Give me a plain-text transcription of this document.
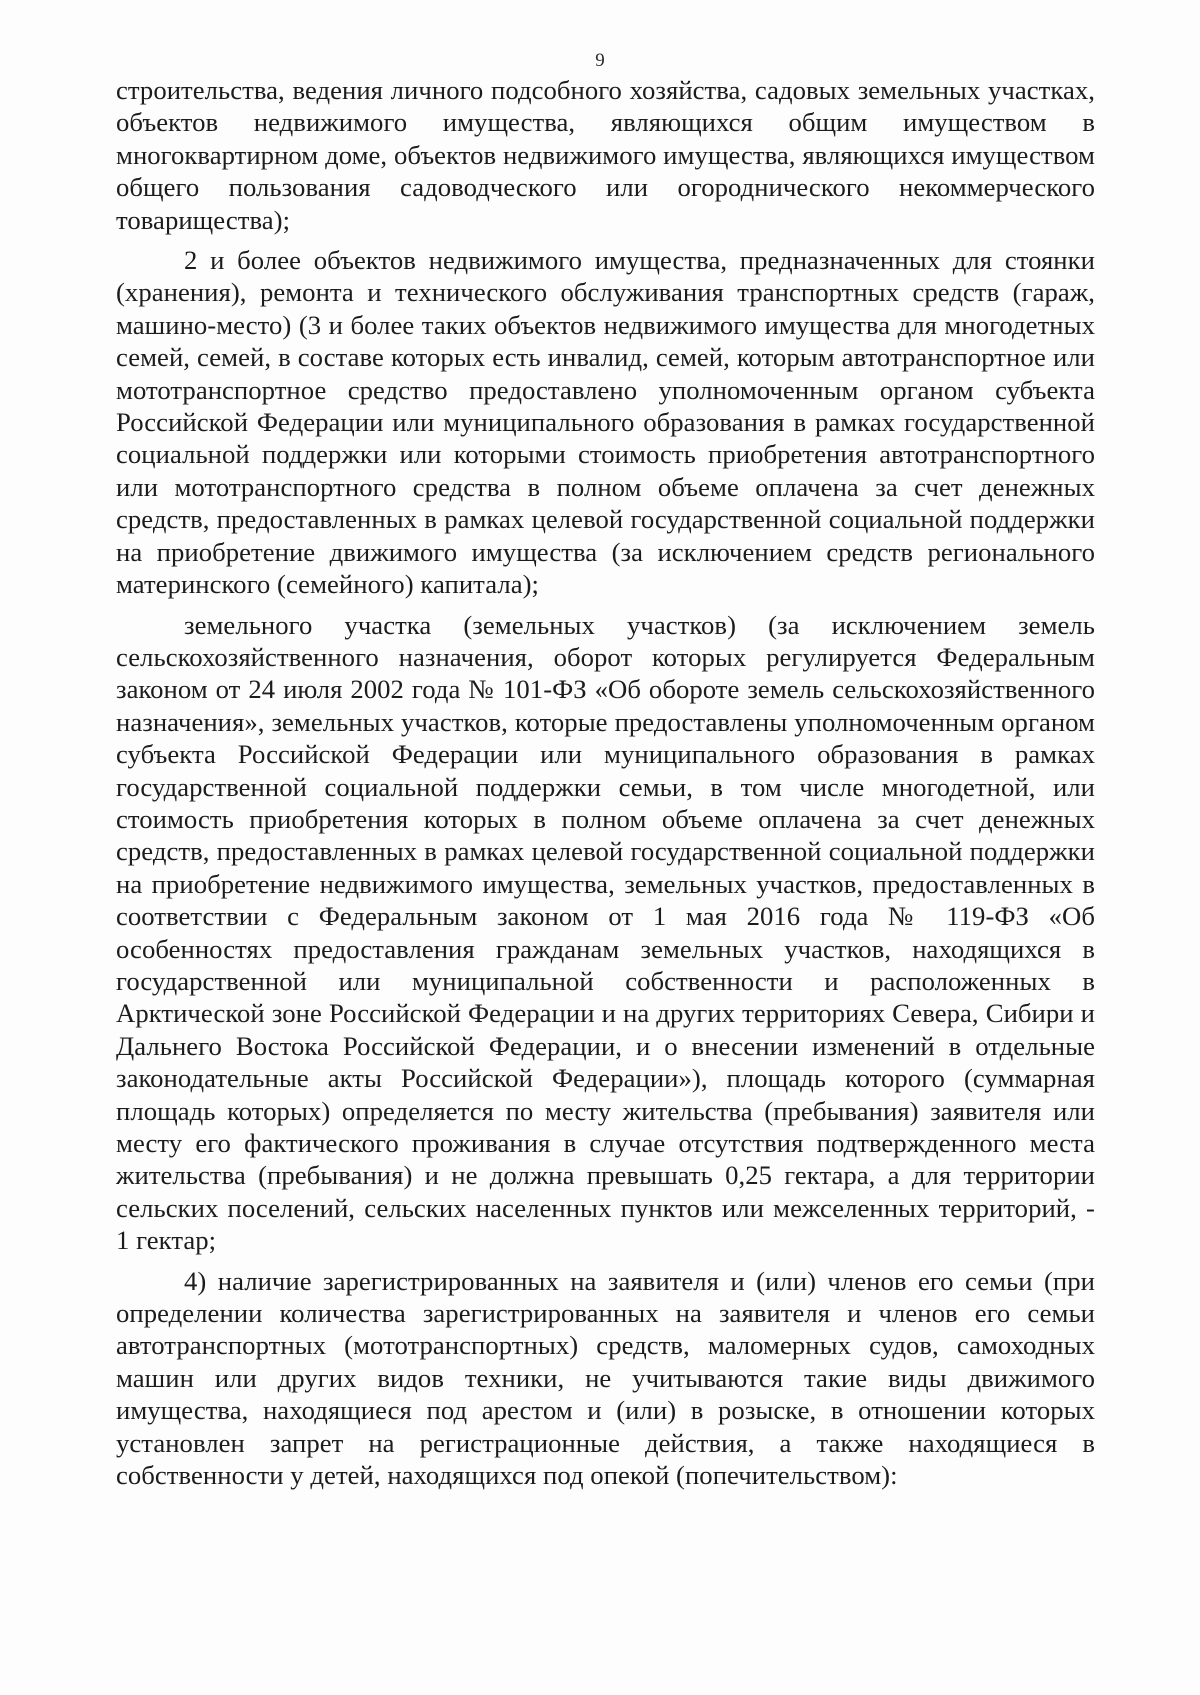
9

строительства, ведения личного подсобного хозяйства, садовых земельных участках, объектов недвижимого имущества, являющихся общим имуществом в многоквартирном доме, объектов недвижимого имущества, являющихся имуществом общего пользования садоводческого или огороднического некоммерческого товарищества);

2 и более объектов недвижимого имущества, предназначенных для стоянки (хранения), ремонта и технического обслуживания транспортных средств (гараж, машино-место) (3 и более таких объектов недвижимого имущества для многодетных семей, семей, в составе которых есть инвалид, семей, которым автотранспортное или мототранспортное средство предоставлено уполномоченным органом субъекта Российской Федерации или муниципального образования в рамках государственной социальной поддержки или которыми стоимость приобретения автотранспортного или мототранспортного средства в полном объеме оплачена за счет денежных средств, предоставленных в рамках целевой государственной социальной поддержки на приобретение движимого имущества (за исключением средств регионального материнского (семейного) капитала);

земельного участка (земельных участков) (за исключением земель сельскохозяйственного назначения, оборот которых регулируется Федеральным законом от 24 июля 2002 года № 101-ФЗ «Об обороте земель сельскохозяйственного назначения», земельных участков, которые предоставлены уполномоченным органом субъекта Российской Федерации или муниципального образования в рамках государственной социальной поддержки семьи, в том числе многодетной, или стоимость приобретения которых в полном объеме оплачена за счет денежных средств, предоставленных в рамках целевой государственной социальной поддержки на приобретение недвижимого имущества, земельных участков, предоставленных в соответствии с Федеральным законом от 1 мая 2016 года № 119-ФЗ «Об особенностях предоставления гражданам земельных участков, находящихся в государственной или муниципальной собственности и расположенных в Арктической зоне Российской Федерации и на других территориях Севера, Сибири и Дальнего Востока Российской Федерации, и о внесении изменений в отдельные законодательные акты Российской Федерации»), площадь которого (суммарная площадь которых) определяется по месту жительства (пребывания) заявителя или месту его фактического проживания в случае отсутствия подтвержденного места жительства (пребывания) и не должна превышать 0,25 гектара, а для территории сельских поселений, сельских населенных пунктов или межселенных территорий, - 1 гектар;

4) наличие зарегистрированных на заявителя и (или) членов его семьи (при определении количества зарегистрированных на заявителя и членов его семьи автотранспортных (мототранспортных) средств, маломерных судов, самоходных машин или других видов техники, не учитываются такие виды движимого имущества, находящиеся под арестом и (или) в розыске, в отношении которых установлен запрет на регистрационные действия, а также находящиеся в собственности у детей, находящихся под опекой (попечительством):
